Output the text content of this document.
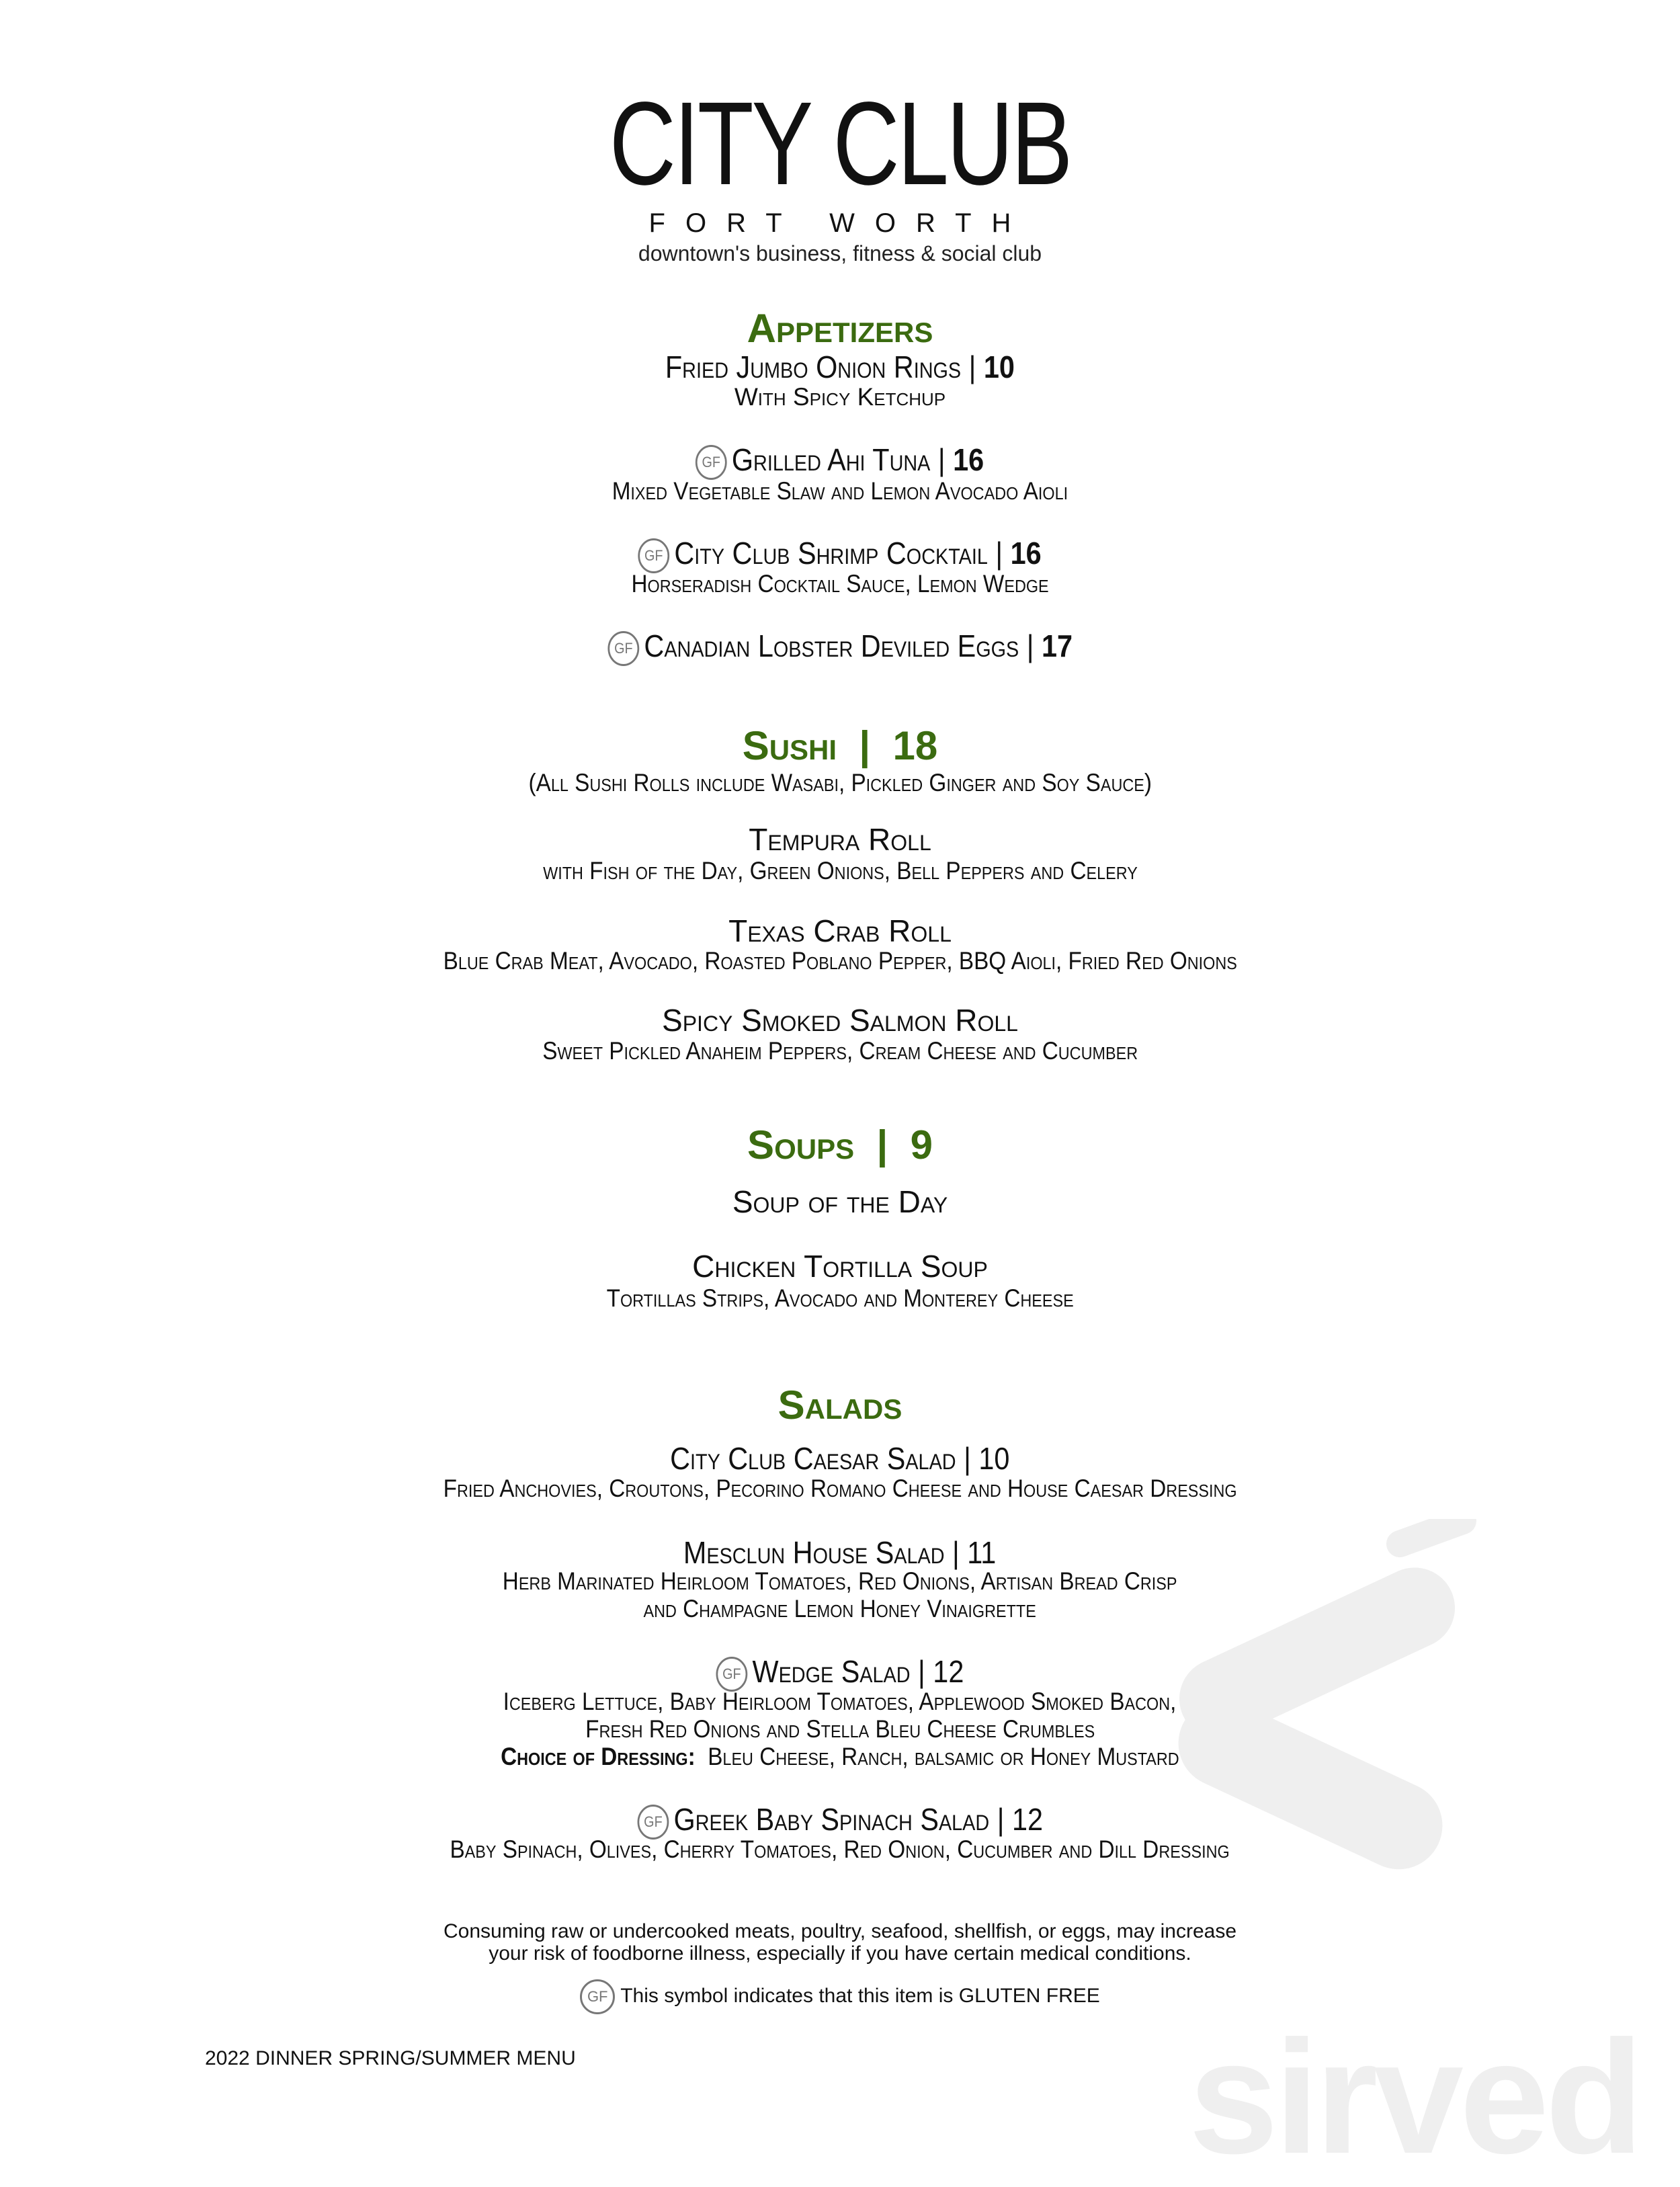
sirved
CITY CLUB
FORT WORTH
downtown's business, fitness & social club
Appetizers
Fried Jumbo Onion Rings | 10
With Spicy Ketchup
GF Grilled Ahi Tuna | 16
Mixed Vegetable Slaw and Lemon Avocado Aioli
GF City Club Shrimp Cocktail | 16
Horseradish Cocktail Sauce, Lemon Wedge
GF Canadian Lobster Deviled Eggs | 17
Sushi | 18
(All Sushi Rolls include Wasabi, Pickled Ginger and Soy Sauce)
Tempura Roll
with Fish of the Day, Green Onions, Bell Peppers and Celery
Texas Crab Roll
Blue Crab Meat, Avocado, Roasted Poblano Pepper, BBQ Aioli, Fried Red Onions
Spicy Smoked Salmon Roll
Sweet Pickled Anaheim Peppers, Cream Cheese and Cucumber
Soups | 9
Soup of the Day
Chicken Tortilla Soup
Tortillas Strips, Avocado and Monterey Cheese
Salads
City Club Caesar Salad | 10
Fried Anchovies, Croutons, Pecorino Romano Cheese and House Caesar Dressing
Mesclun House Salad | 11
Herb Marinated Heirloom Tomatoes, Red Onions, Artisan Bread Crisp
and Champagne Lemon Honey Vinaigrette
GF Wedge Salad | 12
Iceberg Lettuce, Baby Heirloom Tomatoes, Applewood Smoked Bacon,
Fresh Red Onions and Stella Bleu Cheese Crumbles
Choice of Dressing: Bleu Cheese, Ranch, balsamic or Honey Mustard
GF Greek Baby Spinach Salad | 12
Baby Spinach, Olives, Cherry Tomatoes, Red Onion, Cucumber and Dill Dressing
Consuming raw or undercooked meats, poultry, seafood, shellfish, or eggs, may increase
your risk of foodborne illness, especially if you have certain medical conditions.
GF This symbol indicates that this item is GLUTEN FREE
2022 DINNER SPRING/SUMMER MENU
